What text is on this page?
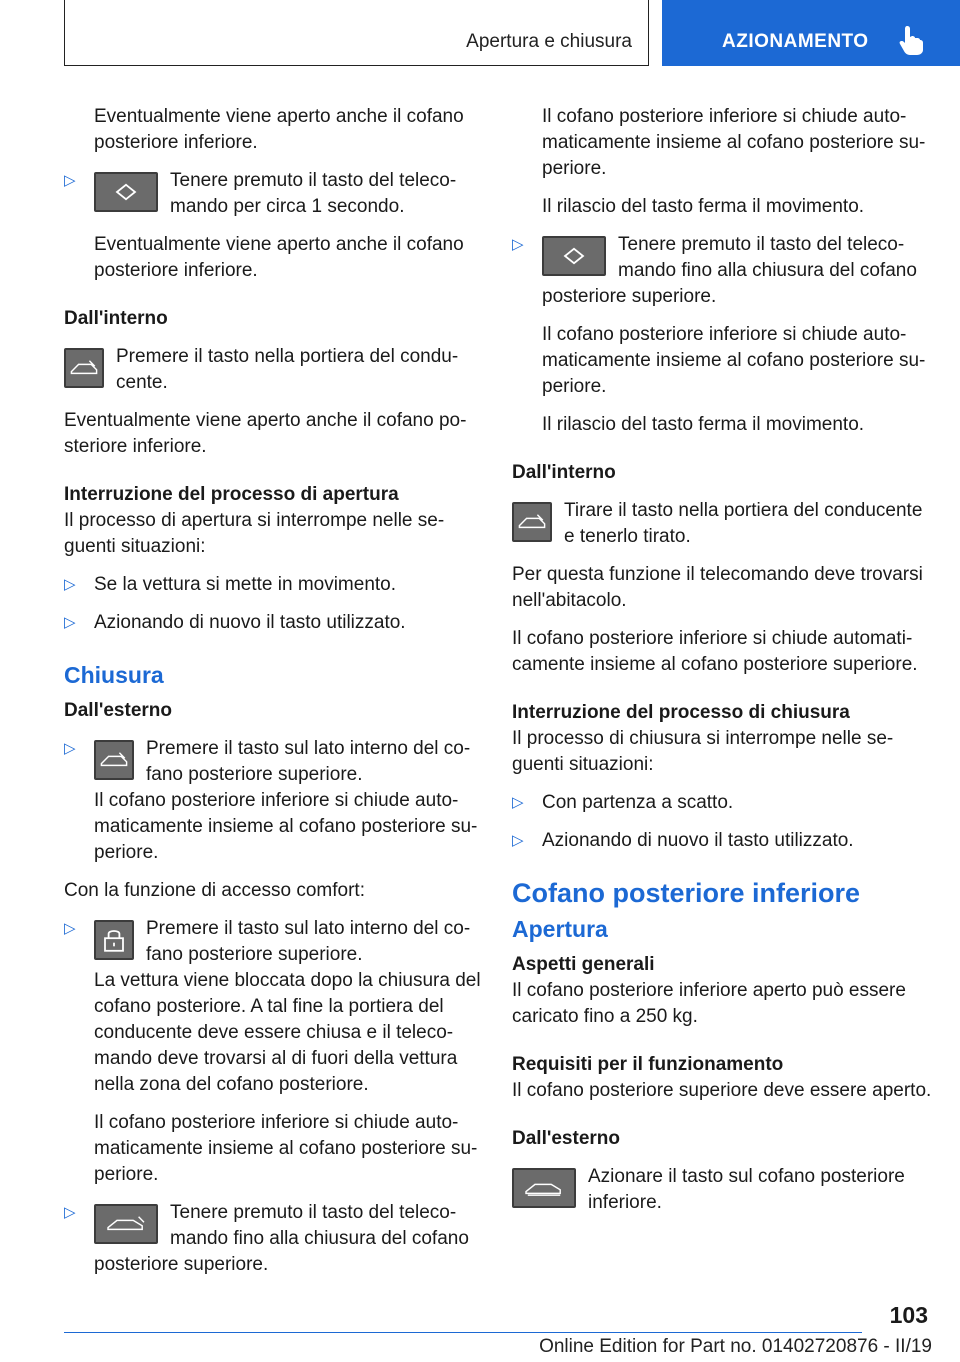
Apertura e chiusura	AZIONAMENTO

Eventualmente viene aperto anche il cofano posteriore inferiore.

▷	Tenere premuto il tasto del telecomando per circa 1 secondo.

Eventualmente viene aperto anche il cofano posteriore inferiore.

Dall'interno

Premere il tasto nella portiera del conducente.

Eventualmente viene aperto anche il cofano posteriore inferiore.

Interruzione del processo di apertura

Il processo di apertura si interrompe nelle seguenti situazioni:

▷ Se la vettura si mette in movimento.

▷ Azionando di nuovo il tasto utilizzato.

Chiusura
Dall'esterno
▷	Premere il tasto sul lato interno del cofano posteriore superiore.

Il cofano posteriore inferiore si chiude automaticamente insieme al cofano posteriore superiore.

Con la funzione di accesso comfort:

▷	Premere il tasto sul lato interno del cofano posteriore superiore.

La vettura viene bloccata dopo la chiusura del cofano posteriore. A tal fine la portiera del conducente deve essere chiusa e il telecomando deve trovarsi al di fuori della vettura nella zona del cofano posteriore.

Il cofano posteriore inferiore si chiude automaticamente insieme al cofano posteriore superiore.

▷	Tenere premuto il tasto del telecomando fino alla chiusura del cofano posteriore superiore.

Il cofano posteriore inferiore si chiude automaticamente insieme al cofano posteriore superiore.

Il rilascio del tasto ferma il movimento.

▷	Tenere premuto il tasto del telecomando fino alla chiusura del cofano posteriore superiore.

Il cofano posteriore inferiore si chiude automaticamente insieme al cofano posteriore superiore.

Il rilascio del tasto ferma il movimento.

Dall'interno

Tirare il tasto nella portiera del conducente e tenerlo tirato.

Per questa funzione il telecomando deve trovarsi nell'abitacolo.

Il cofano posteriore inferiore si chiude automaticamente insieme al cofano posteriore superiore.

Interruzione del processo di chiusura

Il processo di chiusura si interrompe nelle seguenti situazioni:

▷ Con partenza a scatto.

▷ Azionando di nuovo il tasto utilizzato.

Cofano posteriore inferiore
Apertura
Aspetti generali

Il cofano posteriore inferiore aperto può essere caricato fino a 250 kg.

Requisiti per il funzionamento

Il cofano posteriore superiore deve essere aperto.

Dall'esterno

Azionare il tasto sul cofano posteriore inferiore.

103
Online Edition for Part no. 01402720876 - II/19
